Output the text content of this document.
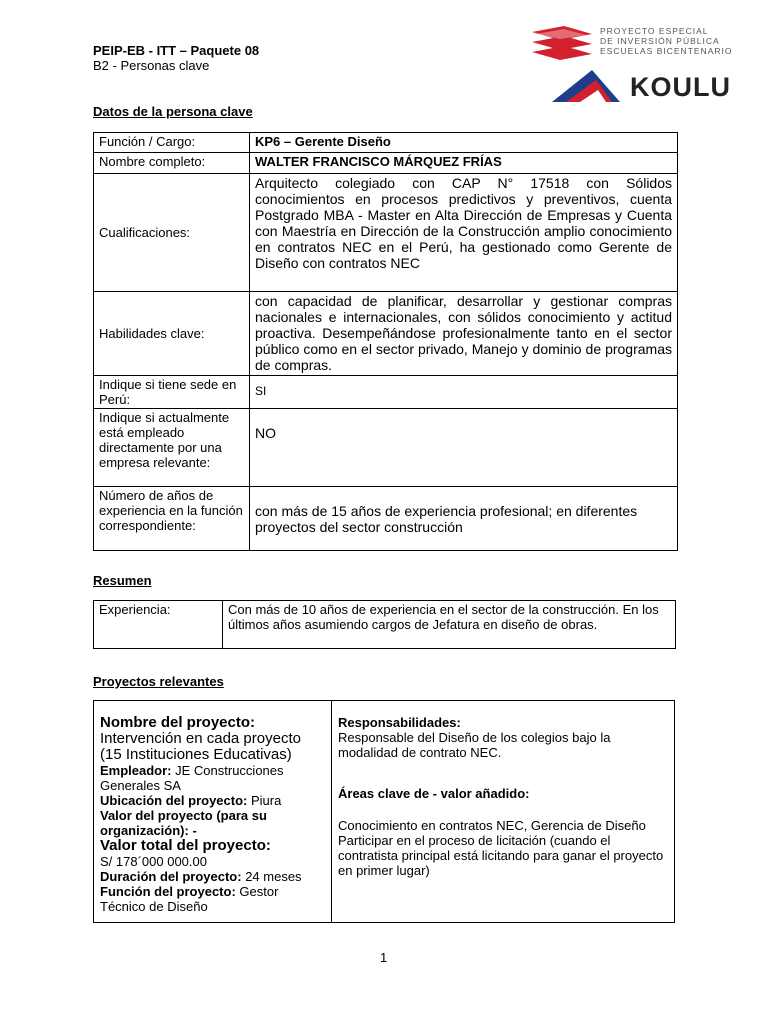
PEIP-EB - ITT – Paquete 08
B2 - Personas clave
PROYECTO ESPECIAL
DE INVERSIÓN PÚBLICA
ESCUELAS BICENTENARIO
KOULU
Datos de la persona clave
Función / Cargo:	KP6 – Gerente Diseño
Nombre completo:	WALTER FRANCISCO MÁRQUEZ FRÍAS
Cualificaciones:	Arquitecto colegiado con CAP N° 17518 con Sólidos conocimientos en procesos predictivos y preventivos, cuenta Postgrado MBA - Master en Alta Dirección de Empresas y Cuenta con Maestría en Dirección de la Construcción amplio conocimiento en contratos NEC en el Perú, ha gestionado como Gerente de Diseño con contratos NEC
Habilidades clave:	con capacidad de planificar, desarrollar y gestionar compras nacionales e internacionales, con sólidos conocimiento y actitud proactiva. Desempeñándose profesionalmente tanto en el sector público como en el sector privado, Manejo y dominio de programas de compras.
Indique si tiene sede en Perú:	SI
Indique si actualmente está empleado directamente por una empresa relevante:	NO
Número de años de experiencia en la función correspondiente:	con más de 15 años de experiencia profesional; en diferentes proyectos del sector construcción
Resumen
Experiencia:	Con más de 10 años de experiencia en el sector de la construcción. En los últimos años asumiendo cargos de Jefatura en diseño de obras.
Proyectos relevantes
Nombre del proyecto:
Intervención en cada proyecto (15 Instituciones Educativas)
Empleador: JE Construcciones Generales SA
Ubicación del proyecto: Piura
Valor del proyecto (para su organización): -
Valor total del proyecto:
S/ 178´000 000.00
Duración del proyecto: 24 meses
Función del proyecto: Gestor Técnico de Diseño

Responsabilidades:
Responsable del Diseño de los colegios bajo la modalidad de contrato NEC.
Áreas clave de - valor añadido:
Conocimiento en contratos NEC, Gerencia de Diseño
Participar en el proceso de licitación (cuando el contratista principal está licitando para ganar el proyecto en primer lugar)
1
